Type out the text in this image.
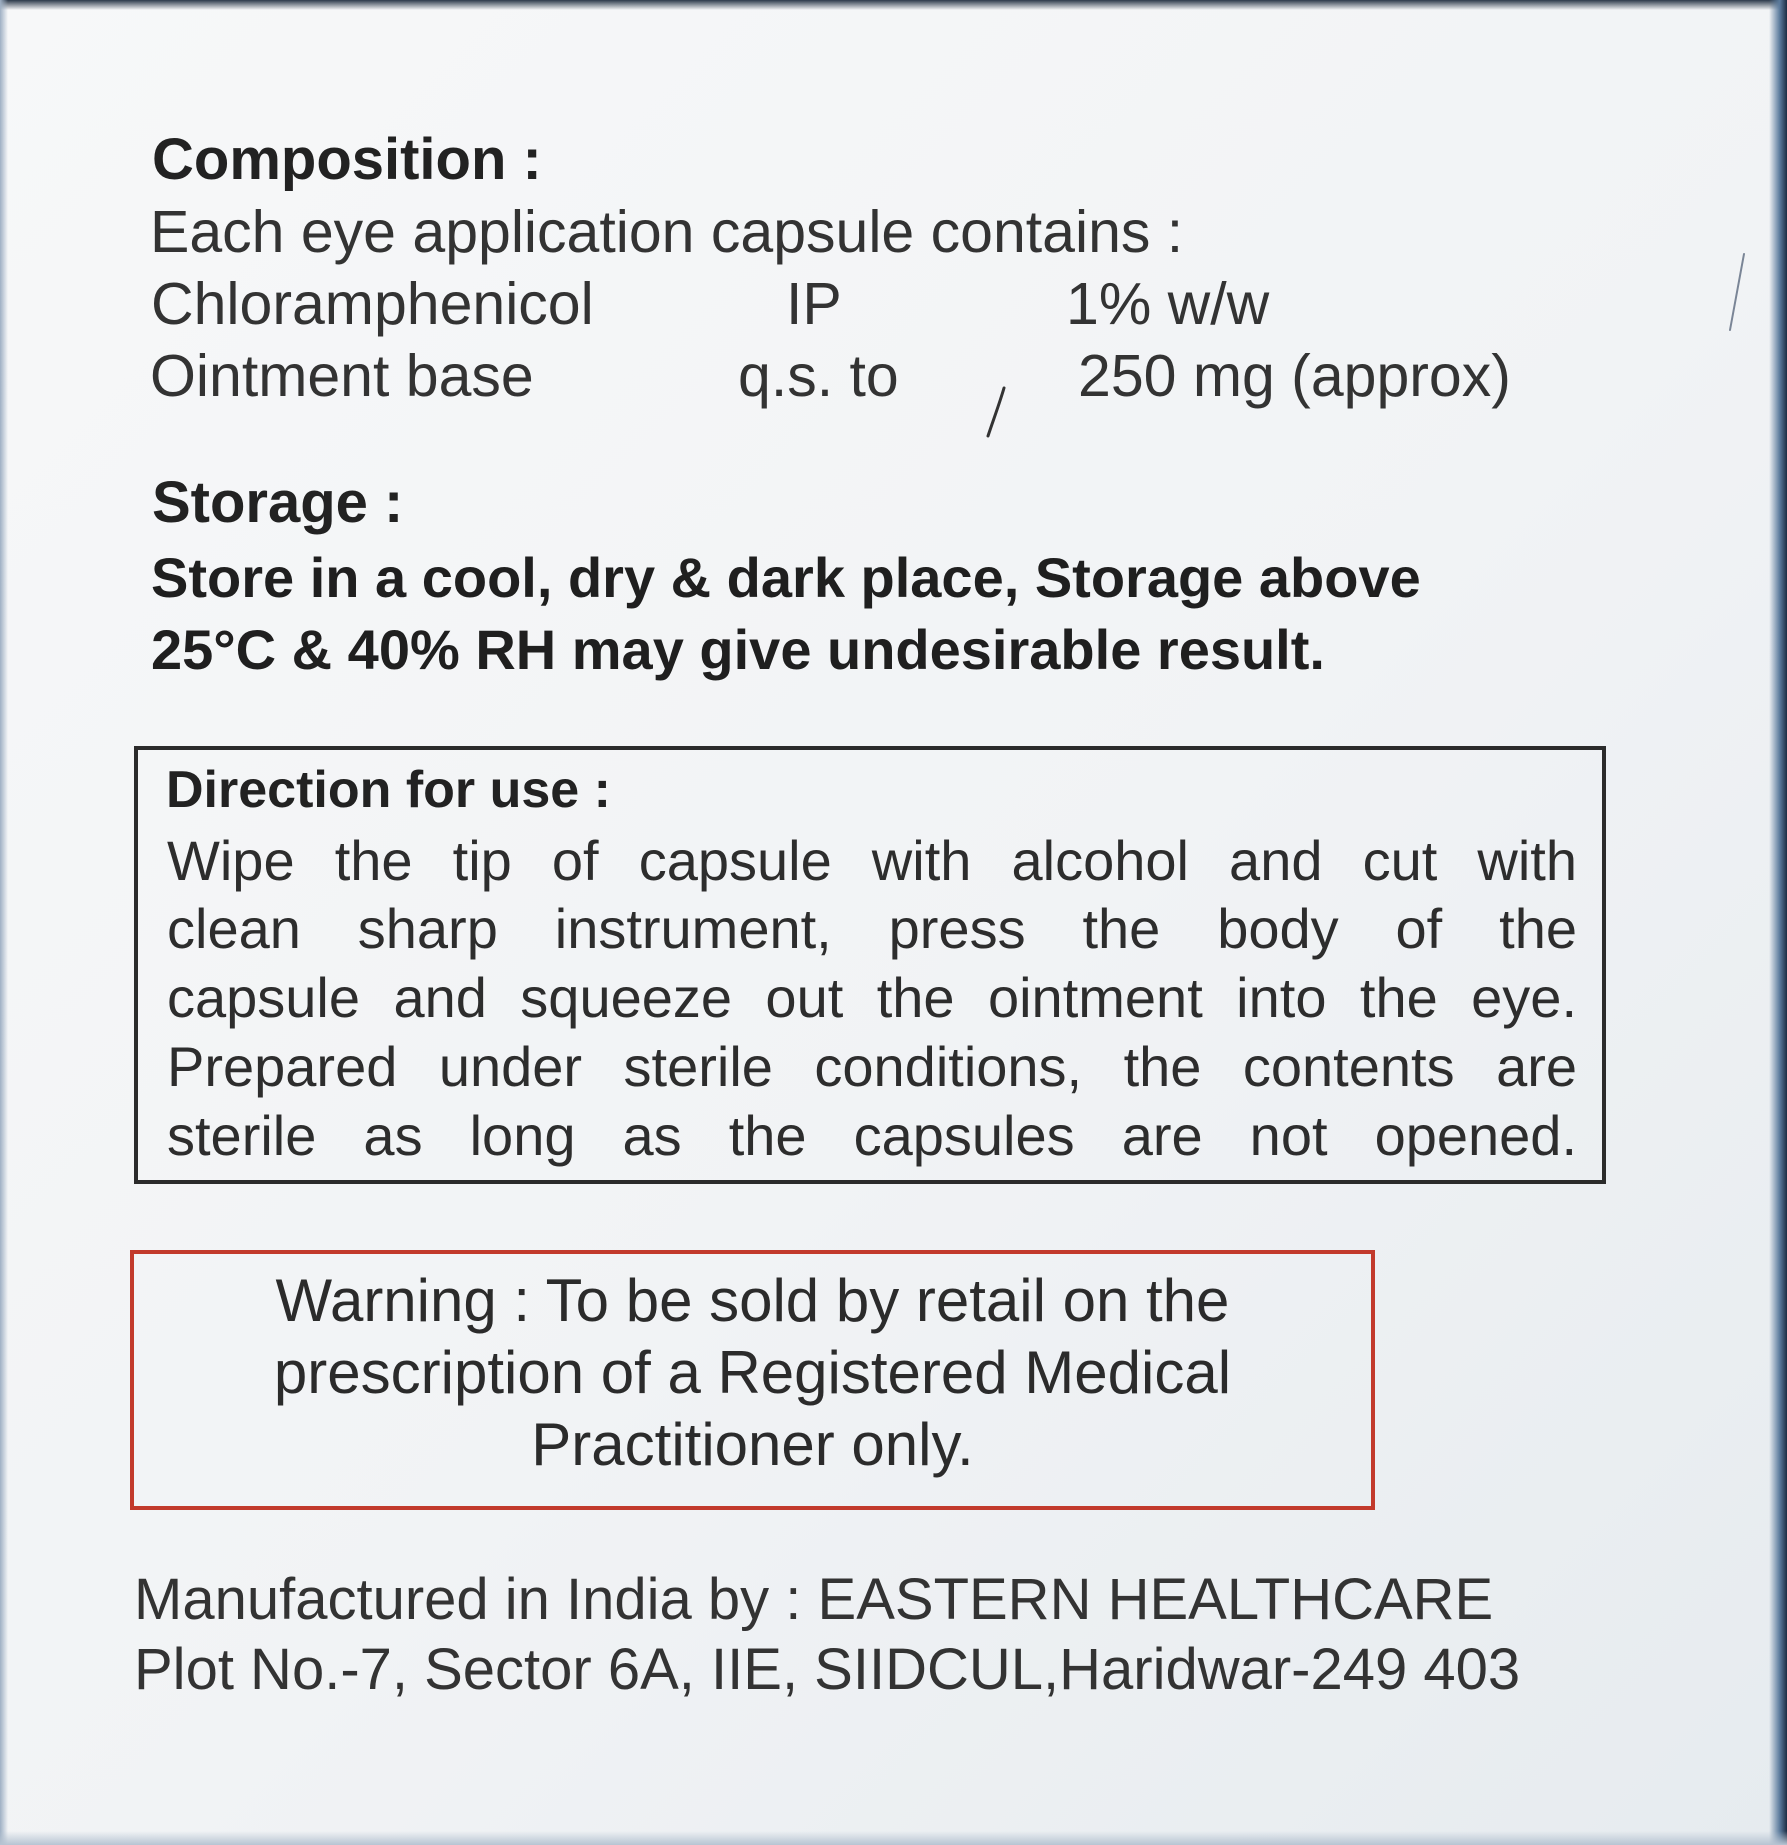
Composition :
Each eye application capsule contains :
Chloramphenicol	IP	1% w/w
Ointment base	q.s. to	250 mg (approx)
Storage :
Store in a cool, dry & dark place, Storage above
25°C & 40% RH may give undesirable result.
Direction for use :
Wipe the tip of capsule with alcohol and cut with
clean sharp instrument, press the body of the
capsule and squeeze out the ointment into the eye.
Prepared under sterile conditions, the contents are
sterile as long as the capsules are not opened.
Warning : To be sold by retail on the
prescription of a Registered Medical
Practitioner only.
Manufactured in India by : EASTERN HEALTHCARE
Plot No.-7, Sector 6A, IIE, SIIDCUL,Haridwar-249 403
